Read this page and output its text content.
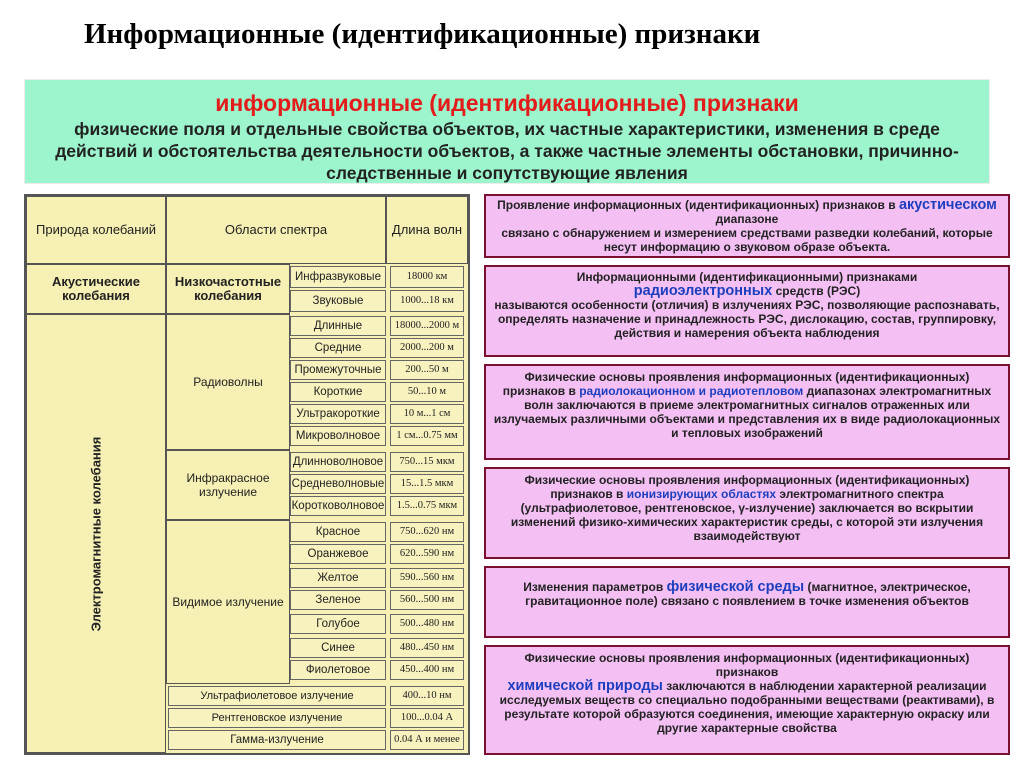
Информационные (идентификационные) признаки
информационные (идентификационные) признаки
физические поля и отдельные свойства объектов, их частные характеристики, изменения в среде действий и обстоятельства деятельности объектов, а также частные элементы обстановки, причинно-следственные и сопутствующие явления
Природа колебаний	Области спектра	Длина волн
Акустические колебания
Низкочастотные колебания
Инфразвуковые	18000 км
Звуковые	1000...18 км
Электромагнитные колебания
Радиоволны
Длинные	18000...2000 м
Средние	2000...200 м
Промежуточные	200...50 м
Короткие	50...10 м
Ультракороткие	10 м...1 см
Микроволновое	1 см...0.75 мм
Инфракрасное излучение
Длинноволновое	750...15 мкм
Средневолновые	15...1.5 мкм
Коротковолновое	1.5...0.75 мкм
Видимое излучение
Красное	750...620 нм
Оранжевое	620...590 нм
Желтое	590...560 нм
Зеленое	560...500 нм
Голубое	500...480 нм
Синее	480...450 нм
Фиолетовое	450...400 нм
Ультрафиолетовое излучение	400...10 нм
Рентгеновское излучение	100...0.04 А
Гамма-излучение	0.04 А и менее
Проявление информационных (идентификационных) признаков в акустическом диапазоне
связано с обнаружением и измерением средствами разведки колебаний, которые несут информацию о звуковом образе объекта.
Информационными (идентификационными) признаками
радиоэлектронных средств (РЭС)
называются особенности (отличия) в излучениях РЭС, позволяющие распознавать, определять назначение и принадлежность РЭС, дислокацию, состав, группировку, действия и намерения объекта наблюдения
Физические основы проявления информационных (идентификационных) признаков в радиолокационном и радиотепловом диапазонах электромагнитных волн заключаются в приеме электромагнитных сигналов отраженных или излучаемых различными объектами и представления их в виде радиолокационных и тепловых изображений
Физические основы проявления информационных (идентификационных) признаков в ионизирующих областях электромагнитного спектра (ультрафиолетовое, рентгеновское, γ-излучение) заключается во вскрытии изменений физико-химических характеристик среды, с которой эти излучения взаимодействуют
Изменения параметров физической среды (магнитное, электрическое, гравитационное поле) связано с появлением в точке изменения объектов
Физические основы проявления информационных (идентификационных) признаков
химической природы заключаются в наблюдении характерной реализации исследуемых веществ со специально подобранными веществами (реактивами), в результате которой образуются соединения, имеющие характерную окраску или другие характерные свойства
